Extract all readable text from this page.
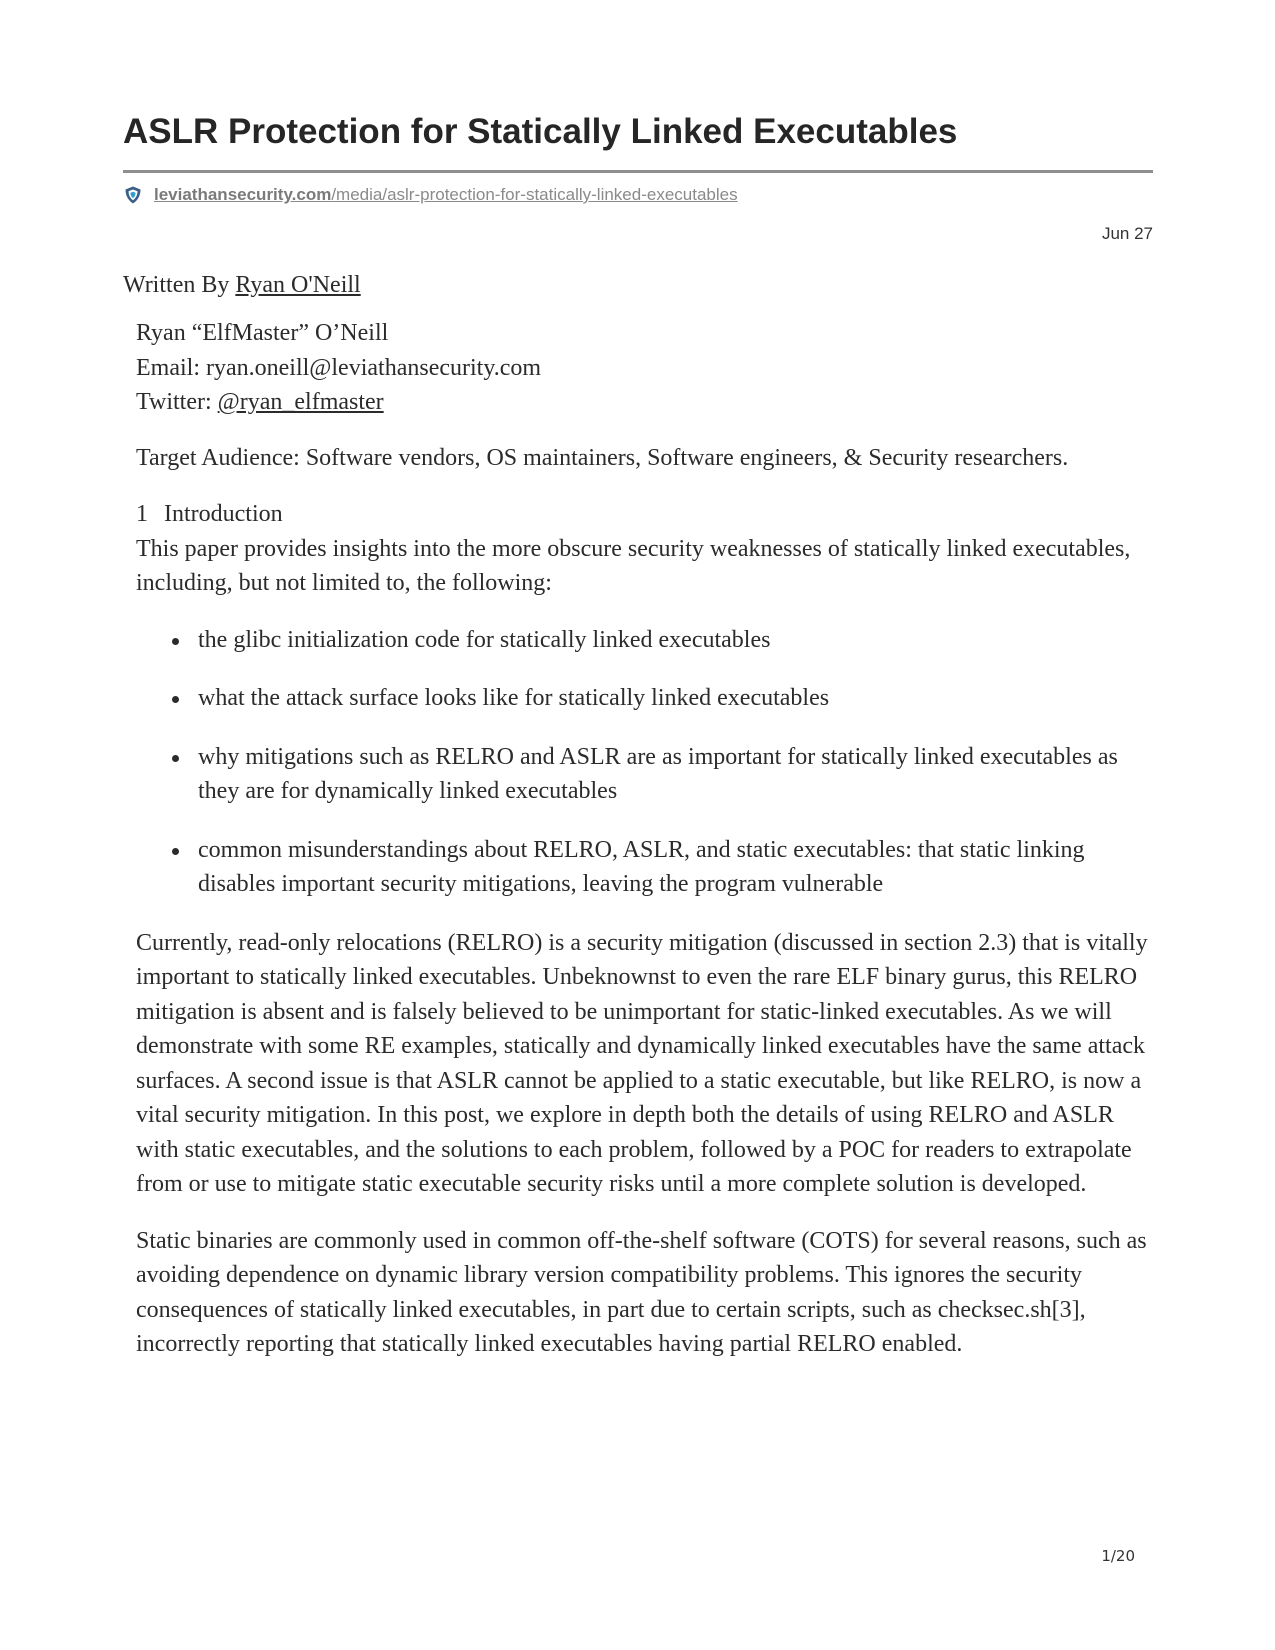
ASLR Protection for Statically Linked Executables
leviathansecurity.com/media/aslr-protection-for-statically-linked-executables
Jun 27
Written By Ryan O'Neill

Ryan “ElfMaster” O’Neill

Email: ryan.oneill@leviathansecurity.com

Twitter: @ryan_elfmaster

Target Audience: Software vendors, OS maintainers, Software engineers, & Security researchers.

1 Introduction

This paper provides insights into the more obscure security weaknesses of statically linked executables, including, but not limited to, the following:

the glibc initialization code for statically linked executables
what the attack surface looks like for statically linked executables
why mitigations such as RELRO and ASLR are as important for statically linked executables as they are for dynamically linked executables
common misunderstandings about RELRO, ASLR, and static executables: that static linking disables important security mitigations, leaving the program vulnerable

Currently, read-only relocations (RELRO) is a security mitigation (discussed in section 2.3) that is vitally important to statically linked executables. Unbeknownst to even the rare ELF binary gurus, this RELRO mitigation is absent and is falsely believed to be unimportant for static-linked executables. As we will demonstrate with some RE examples, statically and dynamically linked executables have the same attack surfaces. A second issue is that ASLR cannot be applied to a static executable, but like RELRO, is now a vital security mitigation. In this post, we explore in depth both the details of using RELRO and ASLR with static executables, and the solutions to each problem, followed by a POC for readers to extrapolate from or use to mitigate static executable security risks until a more complete solution is developed.

Static binaries are commonly used in common off-the-shelf software (COTS) for several reasons, such as avoiding dependence on dynamic library version compatibility problems. This ignores the security consequences of statically linked executables, in part due to certain scripts, such as checksec.sh[3], incorrectly reporting that statically linked executables having partial RELRO enabled.

1/20
